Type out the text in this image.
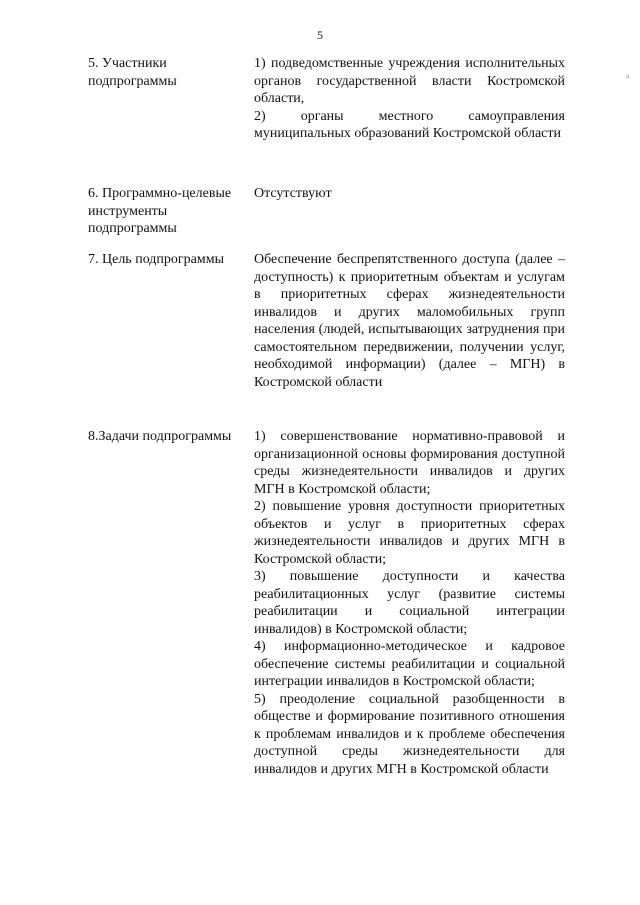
5
а
5. Участники подпрограммы

1) подведомственные учреждения исполнительных органов государственной власти Костромской области,

2) органы местного самоуправления муниципальных образований Костромской области

6. Программно-целевые инструменты подпрограммы

Отсутствуют

7. Цель подпрограммы	Обеспечение беспрепятственного доступа (далее – доступность) к приоритетным объектам и услугам в приоритетных сферах жизнедеятельности инвалидов и других маломобильных групп населения (людей, испытывающих затруднения при самостоятельном передвижении, получении услуг, необходимой информации) (далее – МГН) в Костромской области

8.Задачи подпрограммы	1) совершенствование нормативно-правовой и организационной основы формирования доступной среды жизнедеятельности инвалидов и других МГН в Костромской области;

2) повышение уровня доступности приоритетных объектов и услуг в приоритетных сферах жизнедеятельности инвалидов и других МГН в Костромской области;

3) повышение доступности и качества реабилитационных услуг (развитие системы реабилитации и социальной интеграции инвалидов) в Костромской области;

4) информационно-методическое и кадровое обеспечение системы реабилитации и социальной интеграции инвалидов в Костромской области;

5) преодоление социальной разобщенности в обществе и формирование позитивного отношения к проблемам инвалидов и к проблеме обеспечения доступной среды жизнедеятельности для инвалидов и других МГН в Костромской области
